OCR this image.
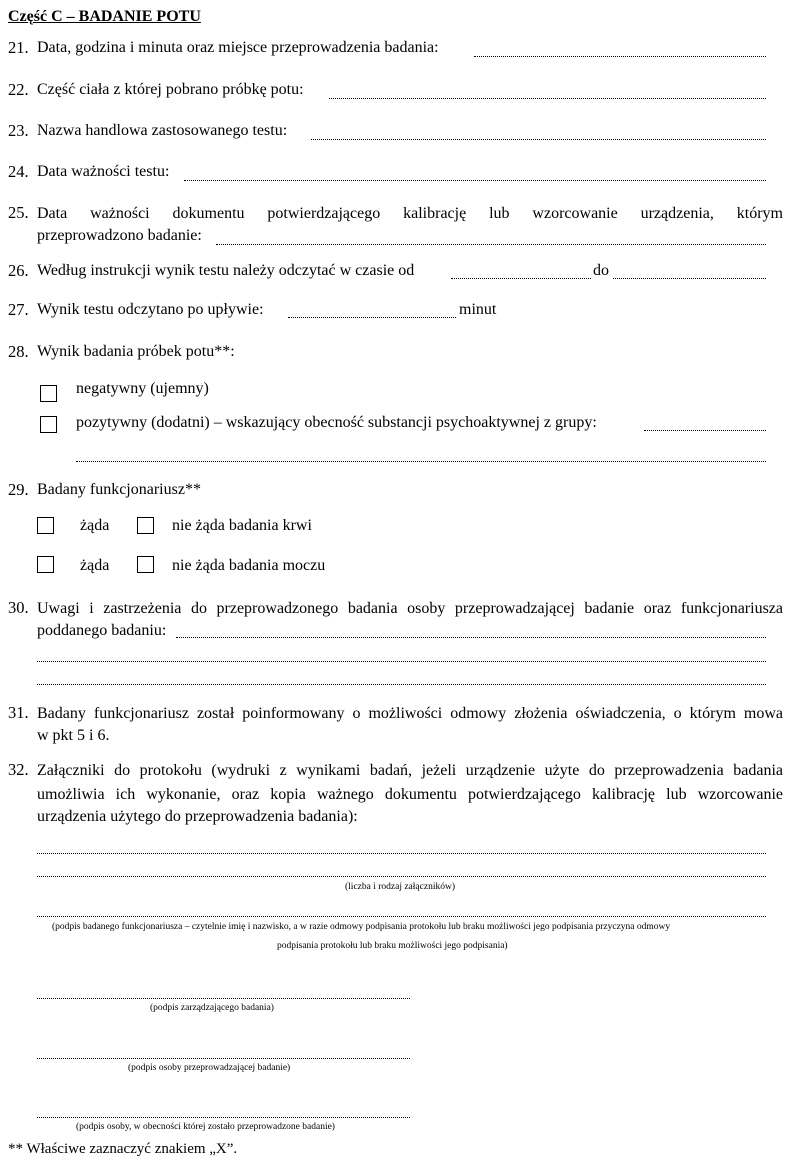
Część C – BADANIE POTU
21. Data, godzina i minuta oraz miejsce przeprowadzenia badania:
22. Część ciała z której pobrano próbkę potu:
23. Nazwa handlowa zastosowanego testu:
24. Data ważności testu:
25. Data ważności dokumentu potwierdzającego kalibrację lub wzorcowanie urządzenia, którym
przeprowadzono badanie:
26. Według instrukcji wynik testu należy odczytać w czasie od	do
27. Wynik testu odczytano po upływie:	minut
28. Wynik badania próbek potu**:
negatywny (ujemny)
pozytywny (dodatni) – wskazujący obecność substancji psychoaktywnej z grupy:
29. Badany funkcjonariusz**
żąda	nie żąda badania krwi
żąda	nie żąda badania moczu
30. Uwagi i zastrzeżenia do przeprowadzonego badania osoby przeprowadzającej badanie oraz funkcjonariusza
poddanego badaniu:
31. Badany funkcjonariusz został poinformowany o możliwości odmowy złożenia oświadczenia, o którym mowa
w pkt 5 i 6.
32. Załączniki do protokołu (wydruki z wynikami badań, jeżeli urządzenie użyte do przeprowadzenia badania
umożliwia ich wykonanie, oraz kopia ważnego dokumentu potwierdzającego kalibrację lub wzorcowanie
urządzenia użytego do przeprowadzenia badania):
(liczba i rodzaj załączników)
(podpis badanego funkcjonariusza – czytelnie imię i nazwisko, a w razie odmowy podpisania protokołu lub braku możliwości jego podpisania przyczyna odmowy
podpisania protokołu lub braku możliwości jego podpisania)
(podpis zarządzającego badania)
(podpis osoby przeprowadzającej badanie)
(podpis osoby, w obecności której zostało przeprowadzone badanie)
** Właściwe zaznaczyć znakiem „X”.
